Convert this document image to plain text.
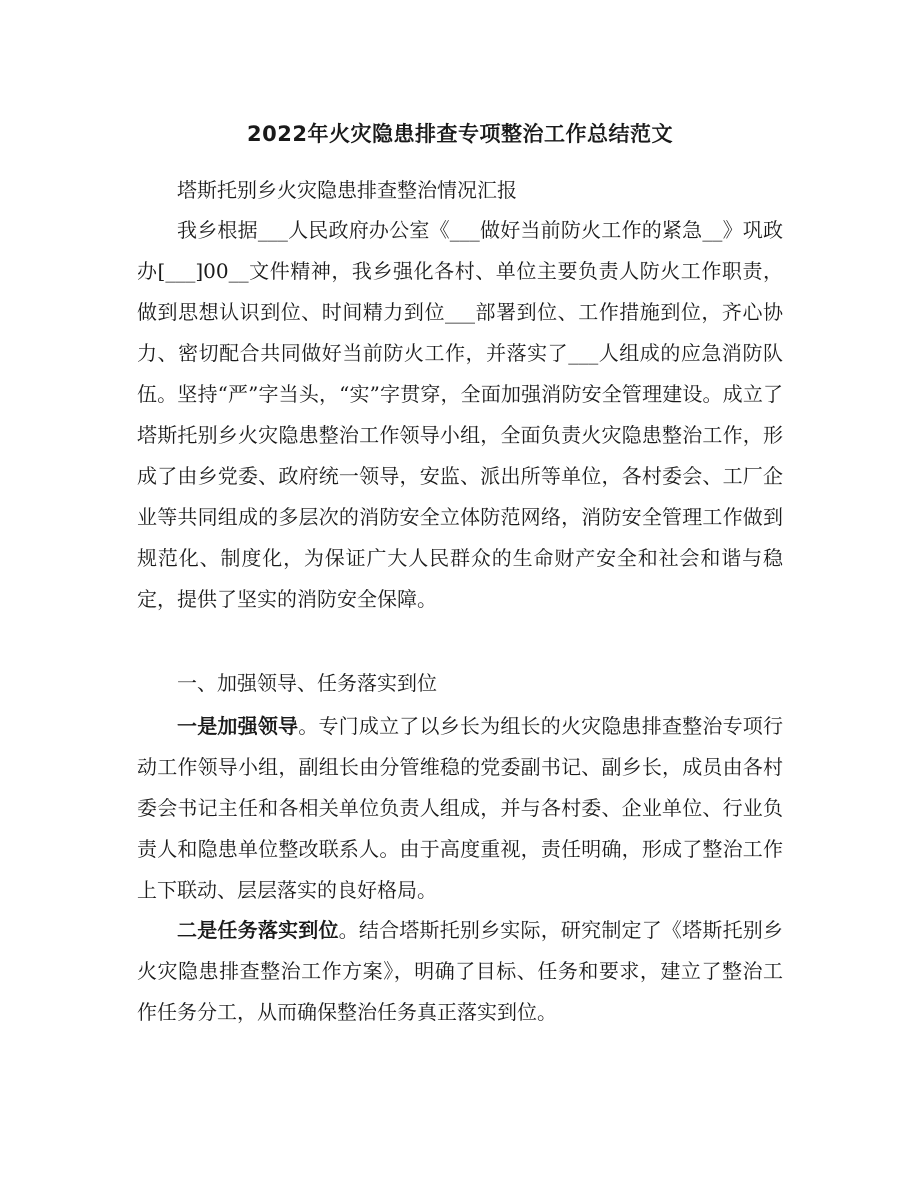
2022年火灾隐患排查专项整治工作总结范文

塔斯托别乡火灾隐患排查整治情况汇报

我乡根据___人民政府办公室《___做好当前防火工作的紧急__》巩政办[___]00__文件精神，我乡强化各村、单位主要负责人防火工作职责，做到思想认识到位、时间精力到位___部署到位、工作措施到位，齐心协力、密切配合共同做好当前防火工作，并落实了___人组成的应急消防队伍。坚持“严”字当头，“实”字贯穿，全面加强消防安全管理建设。成立了塔斯托别乡火灾隐患整治工作领导小组，全面负责火灾隐患整治工作，形成了由乡党委、政府统一领导，安监、派出所等单位，各村委会、工厂企业等共同组成的多层次的消防安全立体防范网络，消防安全管理工作做到规范化、制度化，为保证广大人民群众的生命财产安全和社会和谐与稳定，提供了坚实的消防安全保障。

一、加强领导、任务落实到位

一是加强领导。专门成立了以乡长为组长的火灾隐患排查整治专项行动工作领导小组，副组长由分管维稳的党委副书记、副乡长，成员由各村委会书记主任和各相关单位负责人组成，并与各村委、企业单位、行业负责人和隐患单位整改联系人。由于高度重视，责任明确，形成了整治工作上下联动、层层落实的良好格局。

二是任务落实到位。结合塔斯托别乡实际，研究制定了《塔斯托别乡火灾隐患排查整治工作方案》，明确了目标、任务和要求，建立了整治工作任务分工，从而确保整治任务真正落实到位。
